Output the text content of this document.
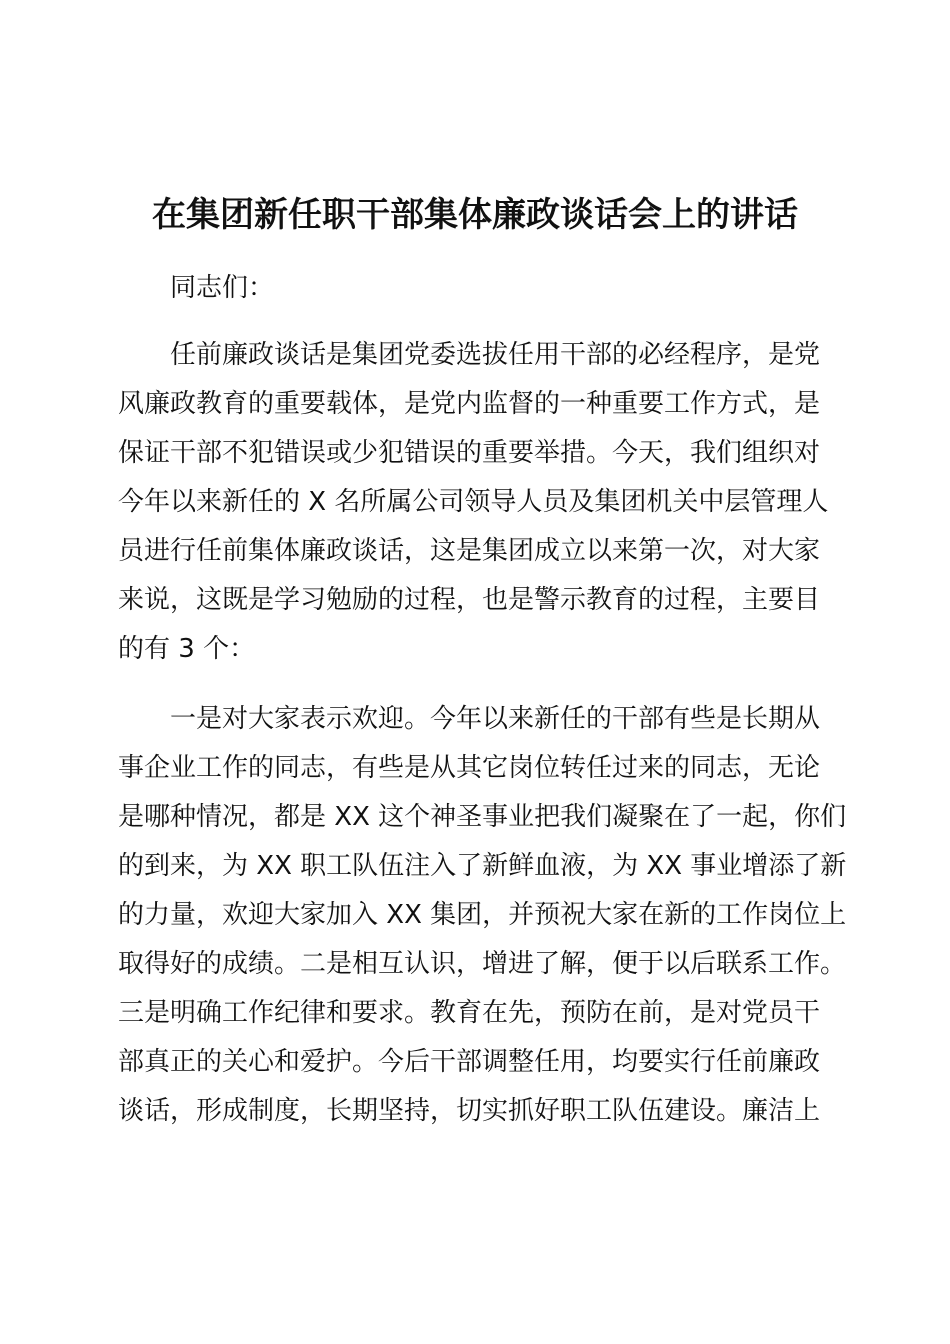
在集团新任职干部集体廉政谈话会上的讲话
同志们：
任前廉政谈话是集团党委选拔任用干部的必经程序，是党
风廉政教育的重要载体，是党内监督的一种重要工作方式，是
保证干部不犯错误或少犯错误的重要举措。今天，我们组织对
今年以来新任的 X 名所属公司领导人员及集团机关中层管理人
员进行任前集体廉政谈话，这是集团成立以来第一次，对大家
来说，这既是学习勉励的过程，也是警示教育的过程，主要目
的有 3 个：
一是对大家表示欢迎。今年以来新任的干部有些是长期从
事企业工作的同志，有些是从其它岗位转任过来的同志，无论
是哪种情况，都是 XX 这个神圣事业把我们凝聚在了一起，你们
的到来，为 XX 职工队伍注入了新鲜血液，为 XX 事业增添了新
的力量，欢迎大家加入 XX 集团，并预祝大家在新的工作岗位上
取得好的成绩。二是相互认识，增进了解，便于以后联系工作。
三是明确工作纪律和要求。教育在先，预防在前，是对党员干
部真正的关心和爱护。今后干部调整任用，均要实行任前廉政
谈话，形成制度，长期坚持，切实抓好职工队伍建设。廉洁上
